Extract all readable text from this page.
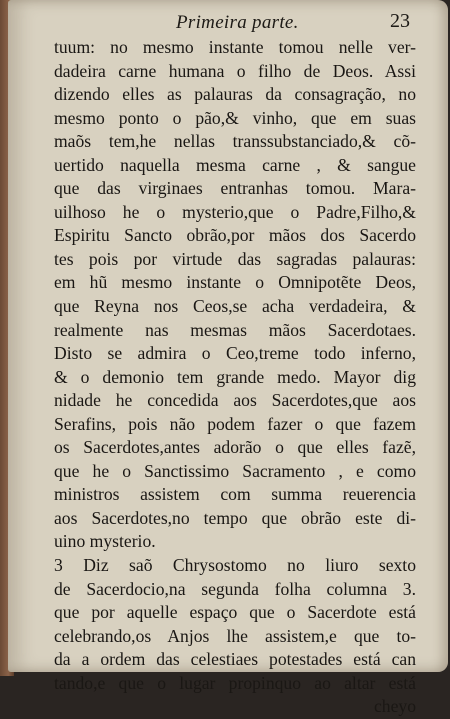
Primeira parte.	23
tuum: no mesmo instante tomou nelle ver-
dadeira carne humana o filho de Deos. Assi
dizendo elles as palauras da consagração, no
mesmo ponto o pão,& vinho, que em suas
maõs tem,he nellas transsubstanciado,& cõ-
uertido naquella mesma carne , & sangue
que das virginaes entranhas tomou. Mara-
uilhoso he o mysterio,que o Padre,Filho,&
Espiritu Sancto obrão,por mãos dos Sacerdo
tes pois por virtude das sagradas palauras:
em hũ mesmo instante o Omnipotẽte Deos,
que Reyna nos Ceos,se acha verdadeira, &
realmente nas mesmas mãos Sacerdotaes.
Disto se admira o Ceo,treme todo inferno,
& o demonio tem grande medo. Mayor dig
nidade he concedida aos Sacerdotes,que aos
Serafins, pois não podem fazer o que fazem
os Sacerdotes,antes adorão o que elles fazẽ,
que he o Sanctissimo Sacramento , e como
ministros assistem com summa reuerencia
aos Sacerdotes,no tempo que obrão este di-
uino mysterio.
3 Diz saõ Chrysostomo no liuro sexto
de Sacerdocio,na segunda folha columna 3.
que por aquelle espaço que o Sacerdote está
celebrando,os Anjos lhe assistem,e que to-
da a ordem das celestiaes potestades está can
tando,e que o lugar propinquo ao altar está
cheyo
